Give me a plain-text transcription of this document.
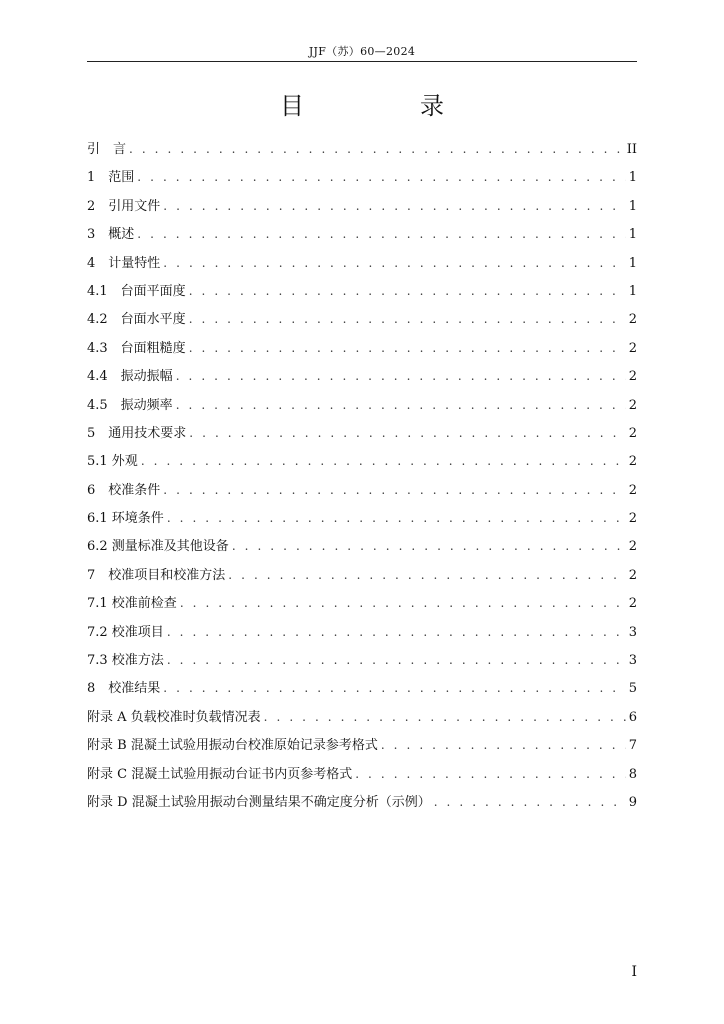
JJF（苏）60—2024
目　录
引　言 . . .	II
1　范围 . . .	1
2　引用文件 . . .	1
3　概述 . . .	1
4　计量特性 . . .	1
4.1　台面平面度 . . .	1
4.2　台面水平度 . . .	2
4.3　台面粗糙度 . . .	2
4.4　振动振幅 . . .	2
4.5　振动频率 . . .	2
5　通用技术要求 . . .	2
5.1 外观 . . .	2
6　校准条件 . . .	2
6.1 环境条件 . . .	2
6.2 测量标准及其他设备 . . .	2
7　校准项目和校准方法 . . .	2
7.1 校准前检查 . . .	2
7.2 校准项目 . . .	3
7.3 校准方法 . . .	3
8　校准结果 . . .	5
附录 A 负载校准时负载情况表 . . .	6
附录 B 混凝土试验用振动台校准原始记录参考格式 . . .	7
附录 C 混凝土试验用振动台证书内页参考格式 . . .	8
附录 D 混凝土试验用振动台测量结果不确定度分析（示例） . . .	9
I
